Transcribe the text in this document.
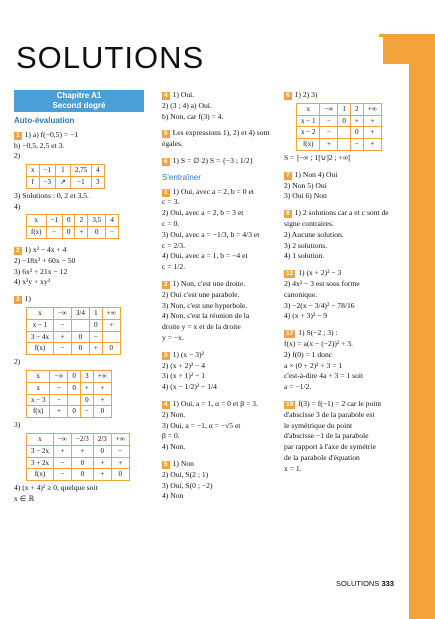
SOLUTIONS
Chapitre A1
Second degré
Auto-évaluation
1 1) a) f(−0,5) = −1
b) −0,5, 2,5 et 3.
2)
x	−1	1	2,75	4
f	−3	↗	−1	3
3) Solutions : 0, 2 et 3,5.
4)
x	−1	0	2	3,5	4
f(x)	−	0	+	0	−
2 1) x² − 4x + 4
2) −18x³ + 60x − 50
3) 6x² + 21x − 12
4) x²y + xy³
3 1)
x	−∞	3/4	1	+∞
x − 1	−		0	+
3 − 4x	+	0	−	
f(x)	−	0	+	0
2)
x	−∞	0	3	+∞
x	−	0	+	+
x − 3	−		0	+
f(x)	+	0	−	0
3)
x	−∞	−2/3	2/3	+∞
3 − 2x	+	+	0	−
3 + 2x	−	0	+	+
f(x)	−	0	+	0
4) (x + 4)² ≥ 0, quelque soit
x ∈ ℝ
4 1) Oui.
2) (3 ; 4) a) Oui.
b) Non, car f(3) = 4.
5 Les expressions 1), 2) et 4) sont
égales.
6 1) S = ∅ 2) S = {−3 ; 1/2}
S'entraîner
1 1) Oui, avec a = 2, b = 0 et
c = 3.
2) Oui, avec a = 2, b = 3 et
c = 0.
3) Oui, avec a = −1/3, b = 4/3 et
c = 2/3.
4) Oui, avec a = 1, b = −4 et
c = 1/2.
2 1) Non, c'est une droite.
2) Oui c'est une parabole.
3) Non, c'est une hyperbole.
4) Non, c'est la réunion de la
droite y = x et de la droite
y = −x.
3 1) (x − 3)²
2) (x + 2)² − 4
3) (x + 1)² − 1
4) (x − 1/2)² − 1/4
4 1) Oui, a = 1, α = 0 et β = 3.
2) Non.
3) Oui, a = −1, α = −√5 et
β = 0.
4) Non.
5 1) Non
2) Oui, S(2 ; 1)
3) Oui, S(0 ; −2)
4) Non
6 1) 2) 3)
x	−∞	1	2	+∞
x − 1	−	0	+	+
x − 2	−		0	+
f(x)	+		−	+
S = ]−∞ ; 1[∪]2 ; +∞[
7 1) Non 4) Oui
2) Non 5) Oui
3) Oui 6) Non
8 1) 2 solutions car a et c sont de
signe contraires.
2) Aucune solution.
3) 2 solutions.
4) 1 solution.
12 1) (x + 2)² − 3
2) 4x² − 3 est sous forme
canonique.
3) −2(x − 3/4)² − 78/16
4) (x + 3)² − 9
17 1) S(−2 ; 3) :
f(x) = a(x − (−2))² + 3.
2) f(0) = 1 donc
a × (0 + 2)² + 3 = 1
c'est-à-dire 4a + 3 = 1 soit
a = −1/2.
19 f(3) = f(−1) = 2 car le point
d'abscisse 3 de la parabole est
le symétrique du point
d'abscisse −1 de la parabole
par rapport à l'axe de symétrie
de la parabole d'équation
x = 1.
SOLUTIONS 333
